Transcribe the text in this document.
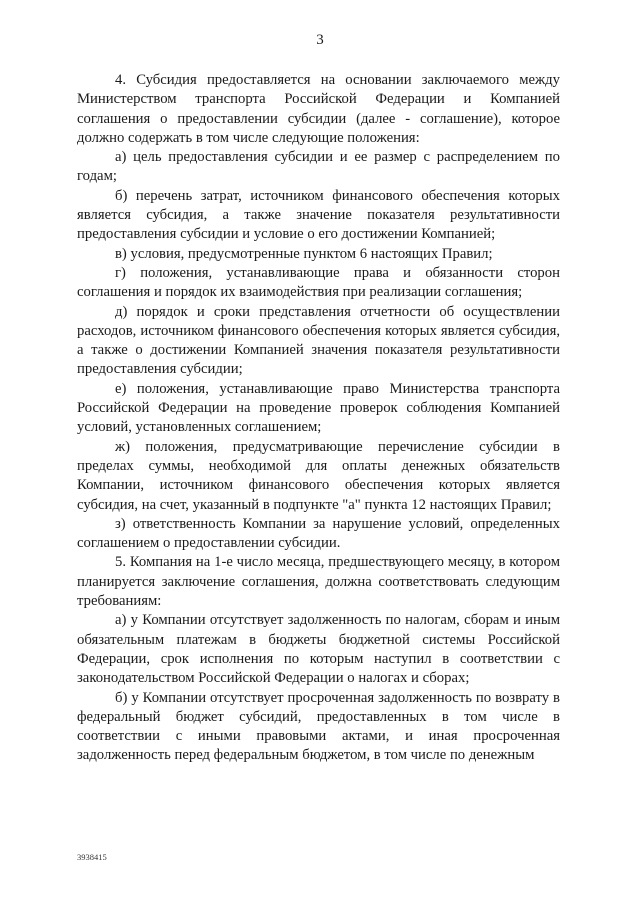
3

4. Субсидия предоставляется на основании заключаемого между Министерством транспорта Российской Федерации и Компанией соглашения о предоставлении субсидии (далее - соглашение), которое должно содержать в том числе следующие положения:

а) цель предоставления субсидии и ее размер с распределением по годам;

б) перечень затрат, источником финансового обеспечения которых является субсидия, а также значение показателя результативности предоставления субсидии и условие о его достижении Компанией;

в) условия, предусмотренные пунктом 6 настоящих Правил;

г) положения, устанавливающие права и обязанности сторон соглашения и порядок их взаимодействия при реализации соглашения;

д) порядок и сроки представления отчетности об осуществлении расходов, источником финансового обеспечения которых является субсидия, а также о достижении Компанией значения показателя результативности предоставления субсидии;

е) положения, устанавливающие право Министерства транспорта Российской Федерации на проведение проверок соблюдения Компанией условий, установленных соглашением;

ж) положения, предусматривающие перечисление субсидии в пределах суммы, необходимой для оплаты денежных обязательств Компании, источником финансового обеспечения которых является субсидия, на счет, указанный в подпункте "а" пункта 12 настоящих Правил;

з) ответственность Компании за нарушение условий, определенных соглашением о предоставлении субсидии.

5. Компания на 1-е число месяца, предшествующего месяцу, в котором планируется заключение соглашения, должна соответствовать следующим требованиям:

а) у Компании отсутствует задолженность по налогам, сборам и иным обязательным платежам в бюджеты бюджетной системы Российской Федерации, срок исполнения по которым наступил в соответствии с законодательством Российской Федерации о налогах и сборах;

б) у Компании отсутствует просроченная задолженность по возврату в федеральный бюджет субсидий, предоставленных в том числе в соответствии с иными правовыми актами, и иная просроченная задолженность перед федеральным бюджетом, в том числе по денежным

3938415
